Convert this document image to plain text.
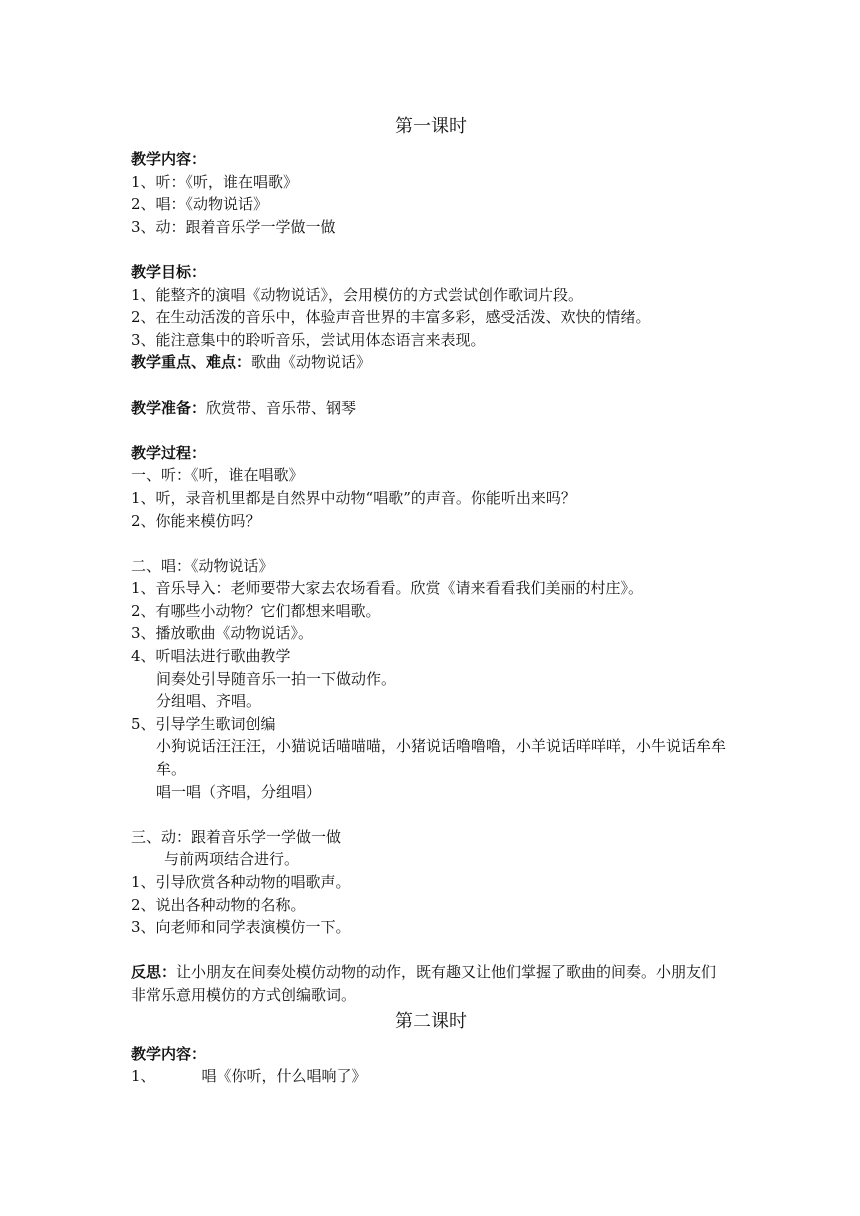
第一课时
教学内容：
1、听：《听，谁在唱歌》
2、唱：《动物说话》
3、动：跟着音乐学一学做一做
教学目标：
1、能整齐的演唱《动物说话》，会用模仿的方式尝试创作歌词片段。
2、在生动活泼的音乐中，体验声音世界的丰富多彩，感受活泼、欢快的情绪。
3、能注意集中的聆听音乐，尝试用体态语言来表现。
教学重点、难点：歌曲《动物说话》
教学准备：欣赏带、音乐带、钢琴
教学过程：
一、听：《听，谁在唱歌》
1、听，录音机里都是自然界中动物“唱歌”的声音。你能听出来吗？
2、你能来模仿吗？
二、唱：《动物说话》
1、音乐导入：老师要带大家去农场看看。欣赏《请来看看我们美丽的村庄》。
2、有哪些小动物？它们都想来唱歌。
3、播放歌曲《动物说话》。
4、听唱法进行歌曲教学
间奏处引导随音乐一拍一下做动作。
分组唱、齐唱。
5、引导学生歌词创编
小狗说话汪汪汪，小猫说话喵喵喵，小猪说话噜噜噜，小羊说话咩咩咩，小牛说话牟牟牟。
唱一唱（齐唱，分组唱）
三、动：跟着音乐学一学做一做
与前两项结合进行。
1、引导欣赏各种动物的唱歌声。
2、说出各种动物的名称。
3、向老师和同学表演模仿一下。
反思：让小朋友在间奏处模仿动物的动作，既有趣又让他们掌握了歌曲的间奏。小朋友们非常乐意用模仿的方式创编歌词。
第二课时
教学内容：
1、	唱《你听，什么唱响了》
